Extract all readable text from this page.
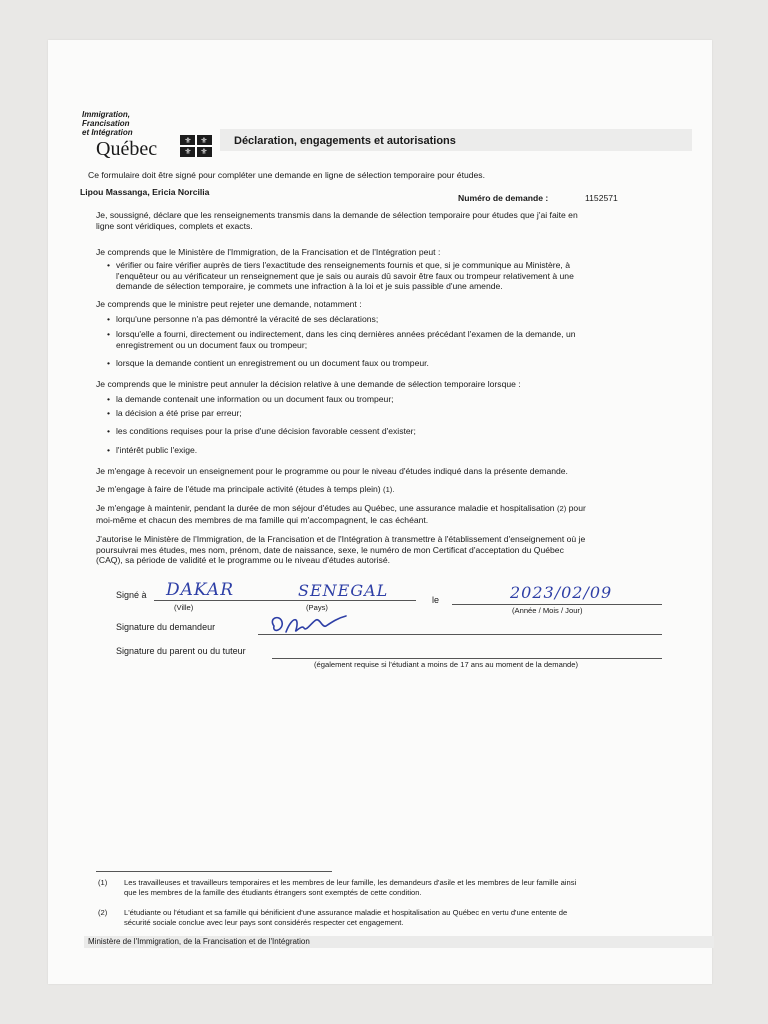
Immigration,
Francisation
et Intégration
Québec	⚜	⚜
⚜	⚜
Déclaration, engagements et autorisations
Ce formulaire doit être signé pour compléter une demande en ligne de sélection temporaire pour études.
Lipou Massanga, Ericia Norcilia
Numéro de demande :	1152571
Je, soussigné, déclare que les renseignements transmis dans la demande de sélection temporaire pour études que j'ai faite en
ligne sont véridiques, complets et exacts.
Je comprends que le Ministère de l'Immigration, de la Francisation et de l'Intégration peut :
• vérifier ou faire vérifier auprès de tiers l'exactitude des renseignements fournis et que, si je communique au Ministère, à
l'enquêteur ou au vérificateur un renseignement que je sais ou aurais dû savoir être faux ou trompeur relativement à une
demande de sélection temporaire, je commets une infraction à la loi et je suis passible d'une amende.
Je comprends que le ministre peut rejeter une demande, notamment :
• lorqu'une personne n'a pas démontré la véracité de ses déclarations;
• lorsqu'elle a fourni, directement ou indirectement, dans les cinq dernières années précédant l'examen de la demande, un
enregistrement ou un document faux ou trompeur;
• lorsque la demande contient un enregistrement ou un document faux ou trompeur.
Je comprends que le ministre peut annuler la décision relative à une demande de sélection temporaire lorsque :
• la demande contenait une information ou un document faux ou trompeur;
• la décision a été prise par erreur;
• les conditions requises pour la prise d'une décision favorable cessent d'exister;
• l'intérêt public l'exige.
Je m'engage à recevoir un enseignement pour le programme ou pour le niveau d'études indiqué dans la présente demande.
Je m'engage à faire de l'étude ma principale activité (études à temps plein) (1).
Je m'engage à maintenir, pendant la durée de mon séjour d'études au Québec, une assurance maladie et hospitalisation (2) pour
moi-même et chacun des membres de ma famille qui m'accompagnent, le cas échéant.
J'autorise le Ministère de l'Immigration, de la Francisation et de l'Intégration à transmettre à l'établissement d'enseignement où je
poursuivrai mes études, mes nom, prénom, date de naissance, sexe, le numéro de mon Certificat d'acceptation du Québec
(CAQ), sa période de validité et le programme ou le niveau d'études autorisé.
Signé à DAKAR	SENEGAL
(Ville)	(Pays)
le	2023/02/09
(Année / Mois / Jour)
Signature du demandeur
Signature du parent ou du tuteur
(également requise si l'étudiant a moins de 17 ans au moment de la demande)
(1) Les travailleuses et travailleurs temporaires et les membres de leur famille, les demandeurs d'asile et les membres de leur famille ainsi
que les membres de la famille des étudiants étrangers sont exemptés de cette condition.
(2) L'étudiante ou l'étudiant et sa famille qui bénificient d'une assurance maladie et hospitalisation au Québec en vertu d'une entente de
sécurité sociale conclue avec leur pays sont considérés respecter cet engagement.
Ministère de l'Immigration, de la Francisation et de l'Intégration
